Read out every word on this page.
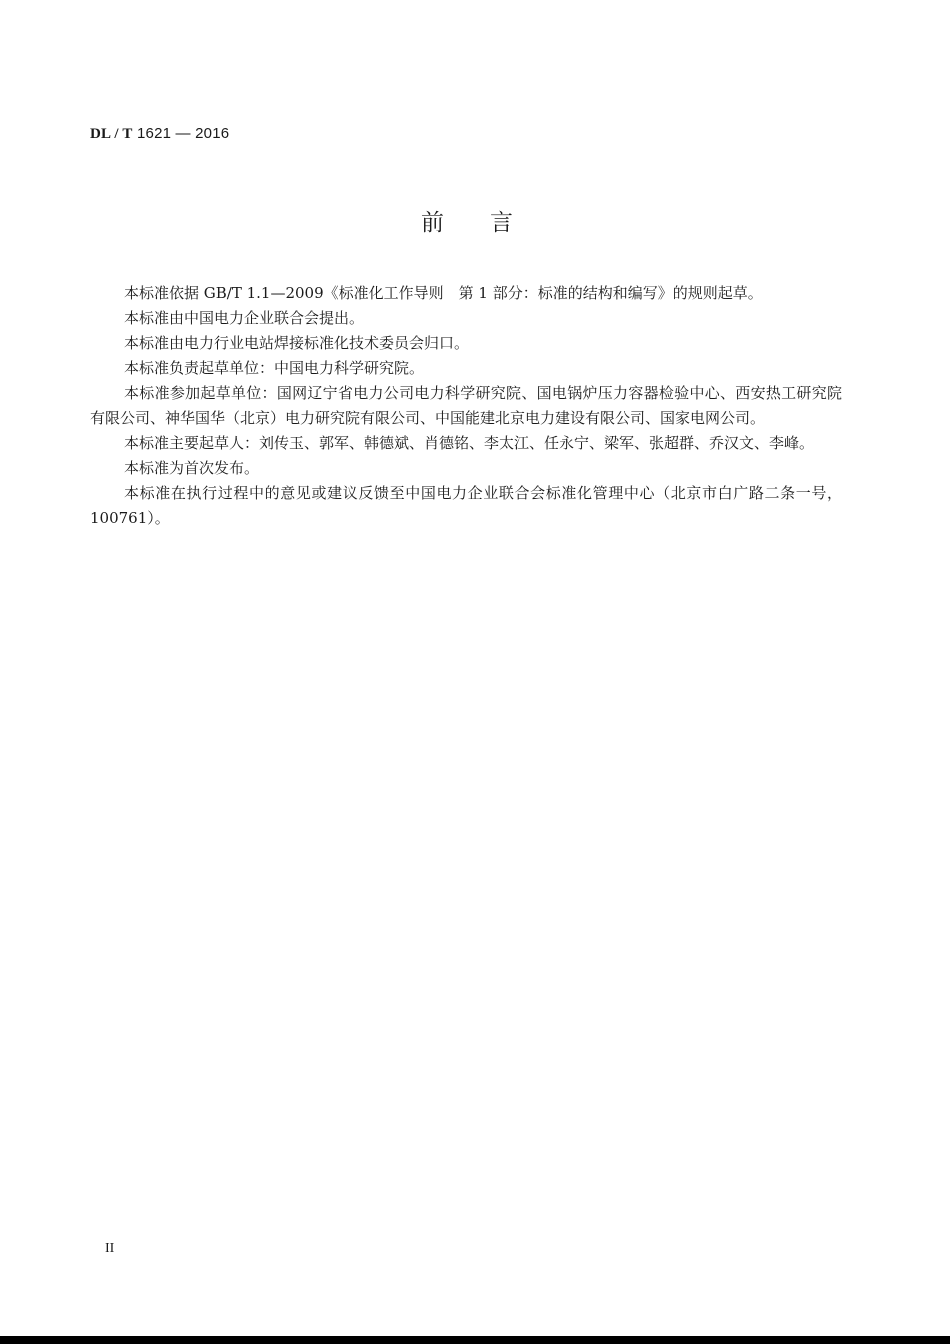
DL / T 1621 — 2016
前言

本标准依据 GB/T 1.1—2009《标准化工作导则　第 1 部分：标准的结构和编写》的规则起草。

本标准由中国电力企业联合会提出。

本标准由电力行业电站焊接标准化技术委员会归口。

本标准负责起草单位：中国电力科学研究院。

本标准参加起草单位：国网辽宁省电力公司电力科学研究院、国电锅炉压力容器检验中心、西安热工研究院有限公司、神华国华（北京）电力研究院有限公司、中国能建北京电力建设有限公司、国家电网公司。

本标准主要起草人：刘传玉、郭军、韩德斌、肖德铭、李太江、任永宁、梁军、张超群、乔汉文、李峰。

本标准为首次发布。

本标准在执行过程中的意见或建议反馈至中国电力企业联合会标准化管理中心（北京市白广路二条一号，100761）。

II
